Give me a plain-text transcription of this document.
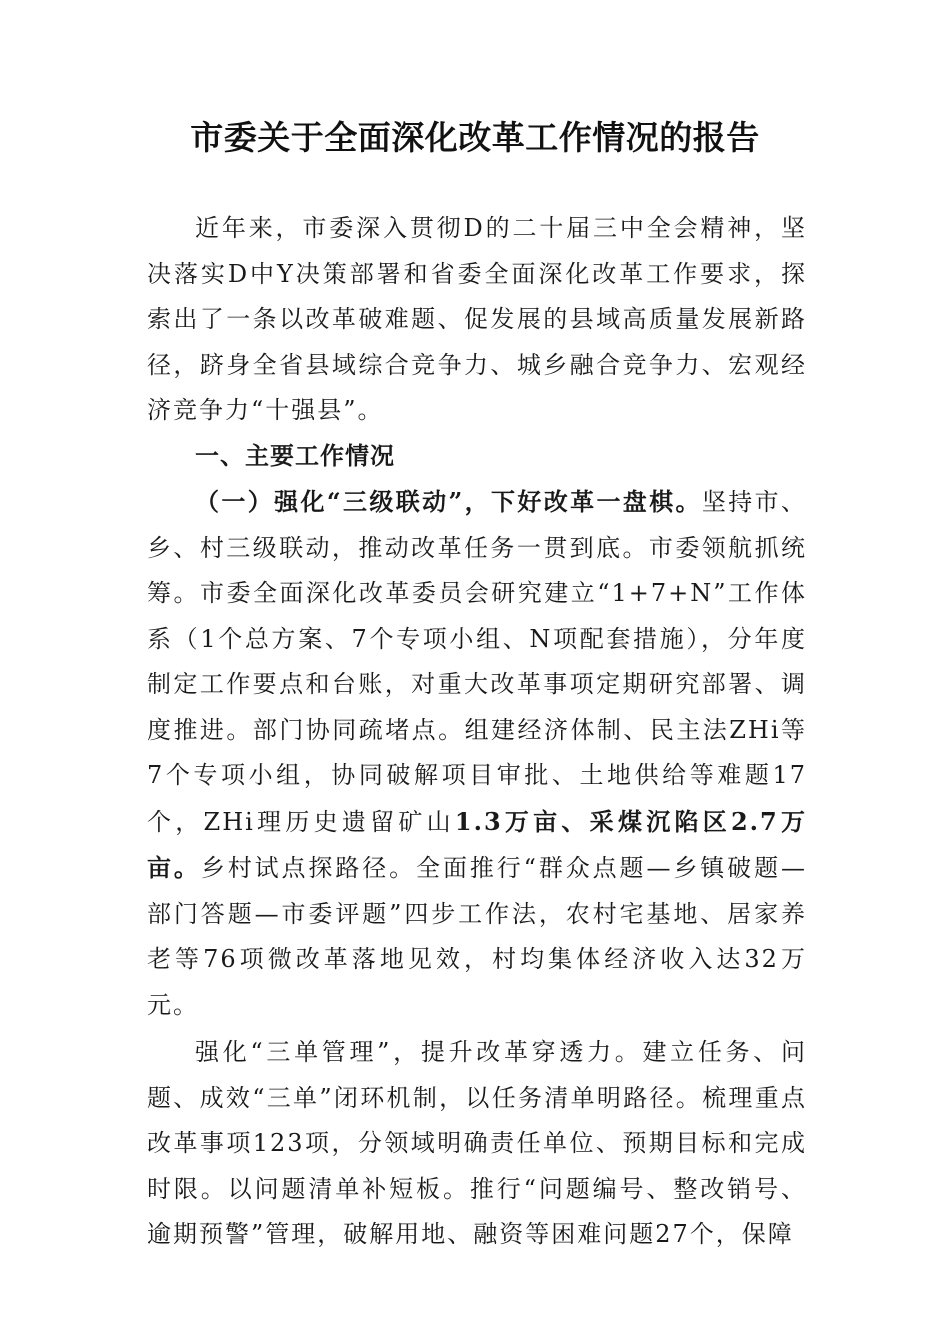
市委关于全面深化改革工作情况的报告

近年来，市委深入贯彻D的二十届三中全会精神，坚决落实D中Y决策部署和省委全面深化改革工作要求，探索出了一条以改革破难题、促发展的县域高质量发展新路径，跻身全省县域综合竞争力、城乡融合竞争力、宏观经济竞争力“十强县”。

一、主要工作情况

（一）强化“三级联动”，下好改革一盘棋。坚持市、乡、村三级联动，推动改革任务一贯到底。市委领航抓统筹。市委全面深化改革委员会研究建立“1+7+N”工作体系（1个总方案、7个专项小组、N项配套措施），分年度制定工作要点和台账，对重大改革事项定期研究部署、调度推进。部门协同疏堵点。组建经济体制、民主法ZHi等7个专项小组，协同破解项目审批、土地供给等难题17个，ZHi理历史遗留矿山1.3万亩、采煤沉陷区2.7万亩。乡村试点探路径。全面推行“群众点题—乡镇破题—部门答题—市委评题”四步工作法，农村宅基地、居家养老等76项微改革落地见效，村均集体经济收入达32万元。

强化“三单管理”，提升改革穿透力。建立任务、问题、成效“三单”闭环机制，以任务清单明路径。梳理重点改革事项123项，分领域明确责任单位、预期目标和完成时限。以问题清单补短板。推行“问题编号、整改销号、逾期预警”管理，破解用地、融资等困难问题27个，保障
